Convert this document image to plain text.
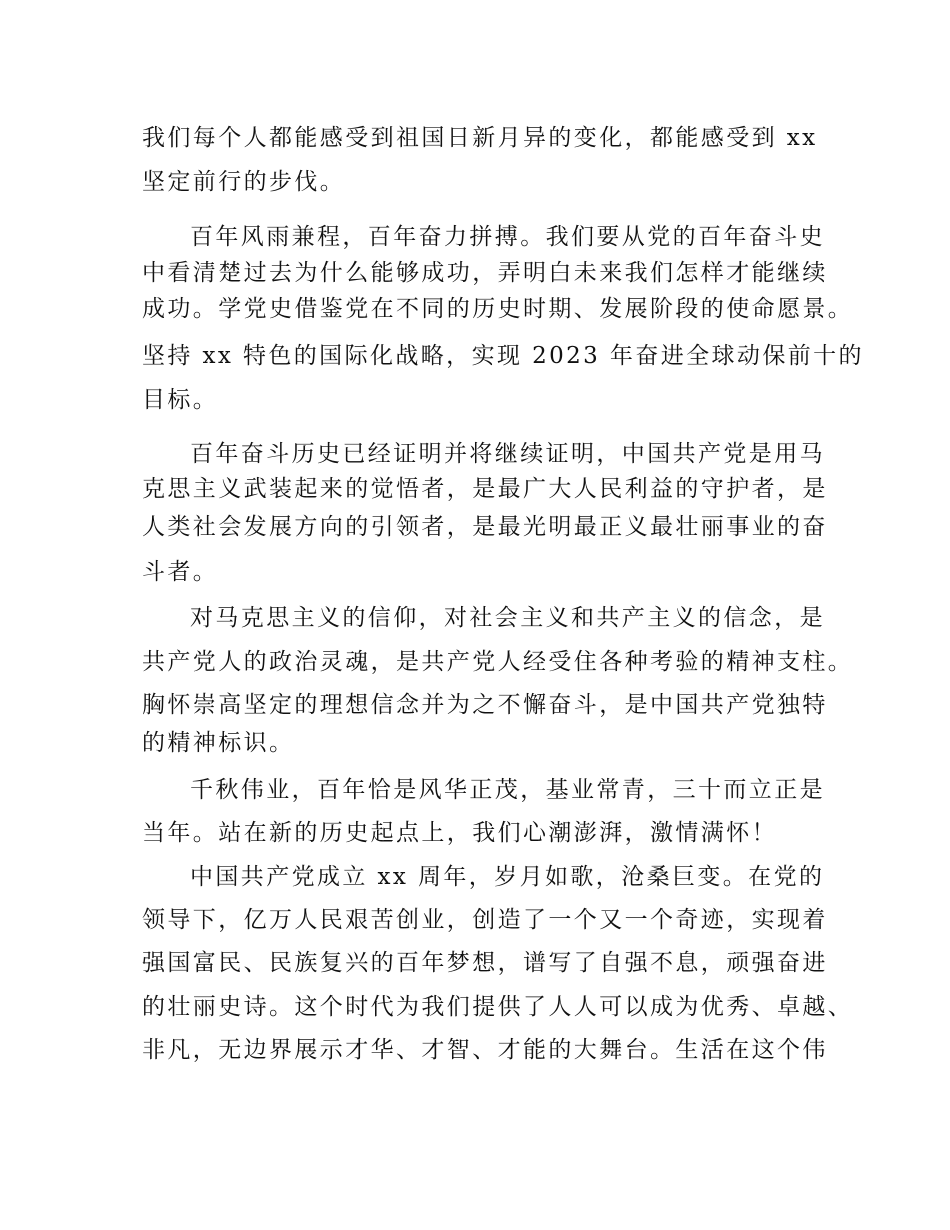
我们每个人都能感受到祖国日新月异的变化，都能感受到 xx

坚定前行的步伐。

百年风雨兼程，百年奋力拼搏。我们要从党的百年奋斗史

中看清楚过去为什么能够成功，弄明白未来我们怎样才能继续

成功。学党史借鉴党在不同的历史时期、发展阶段的使命愿景。

坚持 xx 特色的国际化战略，实现 2023 年奋进全球动保前十的

目标。

百年奋斗历史已经证明并将继续证明，中国共产党是用马

克思主义武装起来的觉悟者，是最广大人民利益的守护者，是

人类社会发展方向的引领者，是最光明最正义最壮丽事业的奋

斗者。

对马克思主义的信仰，对社会主义和共产主义的信念，是

共产党人的政治灵魂，是共产党人经受住各种考验的精神支柱。

胸怀崇高坚定的理想信念并为之不懈奋斗，是中国共产党独特

的精神标识。

千秋伟业，百年恰是风华正茂，基业常青，三十而立正是

当年。站在新的历史起点上，我们心潮澎湃，激情满怀！

中国共产党成立 xx 周年，岁月如歌，沧桑巨变。在党的

领导下，亿万人民艰苦创业，创造了一个又一个奇迹，实现着

强国富民、民族复兴的百年梦想，谱写了自强不息，顽强奋进

的壮丽史诗。这个时代为我们提供了人人可以成为优秀、卓越、

非凡，无边界展示才华、才智、才能的大舞台。生活在这个伟
